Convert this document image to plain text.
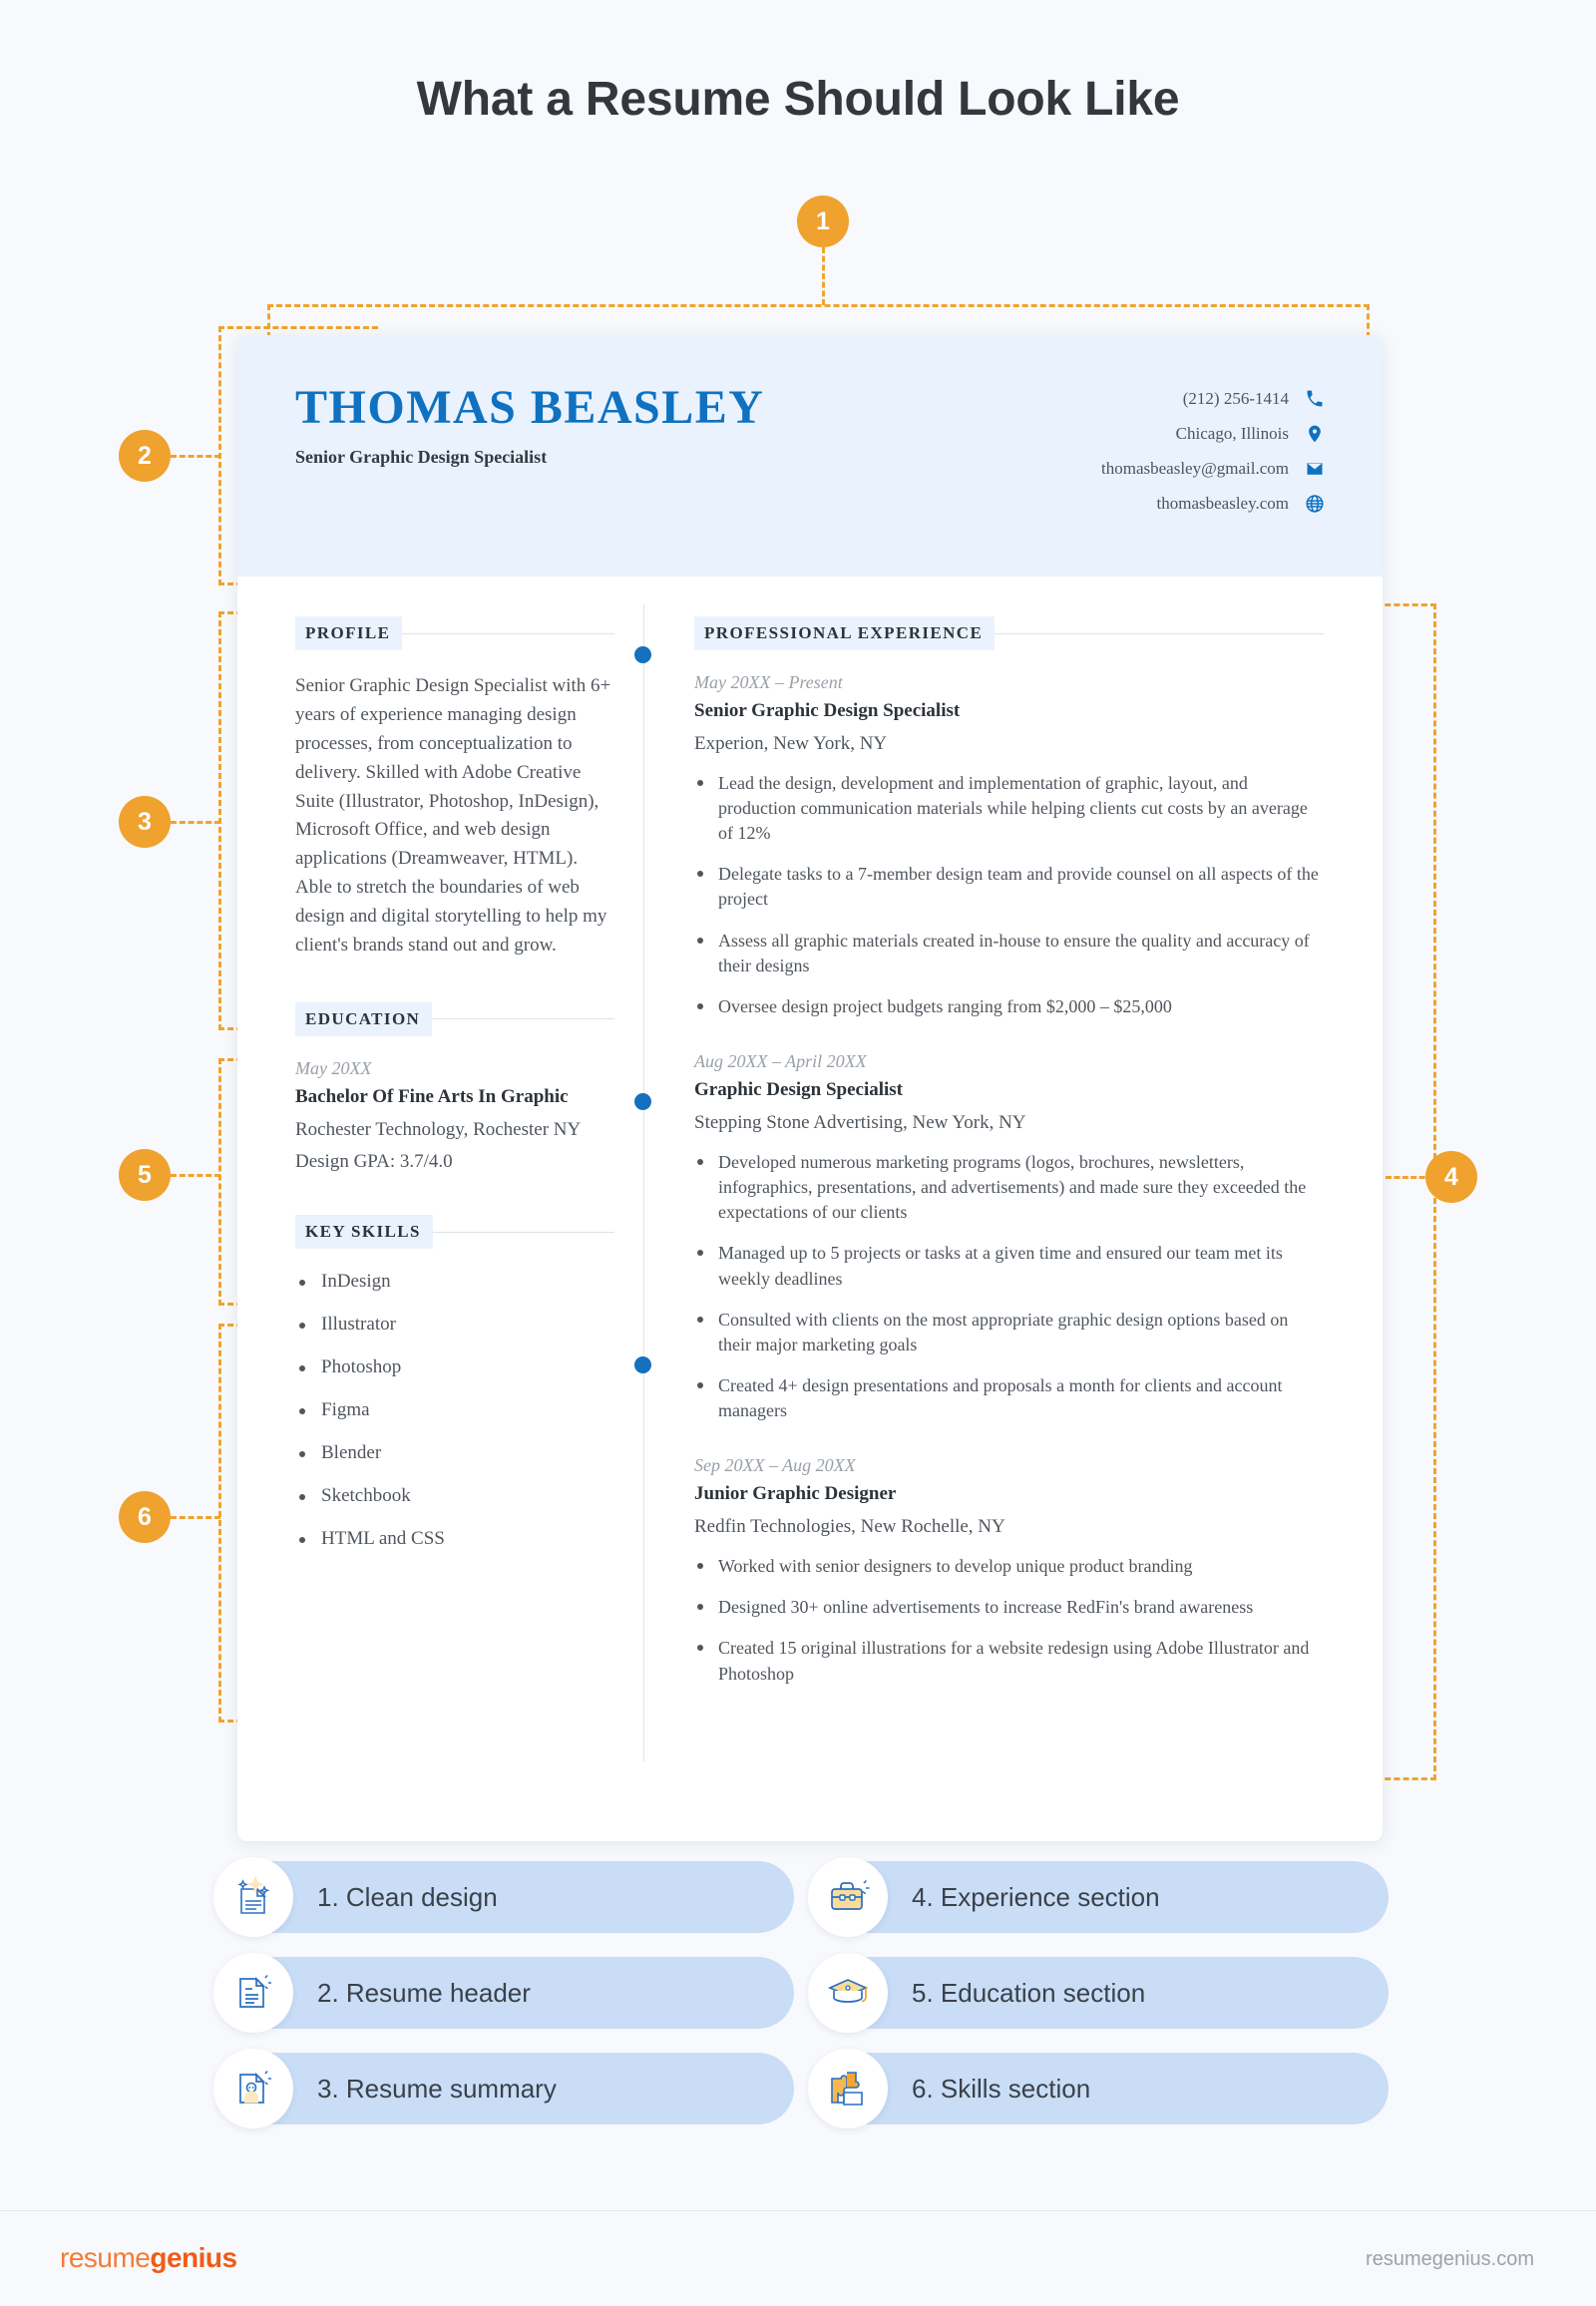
What a Resume Should Look Like
1
2
3
4
5
6
THOMAS BEASLEY
Senior Graphic Design Specialist
(212) 256-1414
Chicago, Illinois
thomasbeasley@gmail.com
thomasbeasley.com
PROFILE
Senior Graphic Design Specialist with 6+ years of experience managing design processes, from conceptualization to delivery. Skilled with Adobe Creative Suite (Illustrator, Photoshop, InDesign), Microsoft Office, and web design applications (Dreamweaver, HTML). Able to stretch the boundaries of web design and digital storytelling to help my client's brands stand out and grow.
EDUCATION
May 20XX
Bachelor Of Fine Arts In Graphic
Rochester Technology, Rochester NY
Design GPA: 3.7/4.0
KEY SKILLS
InDesign
Illustrator
Photoshop
Figma
Blender
Sketchbook
HTML and CSS
PROFESSIONAL EXPERIENCE
May 20XX – Present
Senior Graphic Design Specialist
Experion, New York, NY
Lead the design, development and implementation of graphic, layout, and production communication materials while helping clients cut costs by an average of 12%
Delegate tasks to a 7-member design team and provide counsel on all aspects of the project
Assess all graphic materials created in-house to ensure the quality and accuracy of their designs
Oversee design project budgets ranging from $2,000 – $25,000
Aug 20XX – April 20XX
Graphic Design Specialist
Stepping Stone Advertising, New York, NY
Developed numerous marketing programs (logos, brochures, newsletters, infographics, presentations, and advertisements) and made sure they exceeded the expectations of our clients
Managed up to 5 projects or tasks at a given time and ensured our team met its weekly deadlines
Consulted with clients on the most appropriate graphic design options based on their major marketing goals
Created 4+ design presentations and proposals a month for clients and account managers
Sep 20XX – Aug 20XX
Junior Graphic Designer
Redfin Technologies, New Rochelle, NY
Worked with senior designers to develop unique product branding
Designed 30+ online advertisements to increase RedFin's brand awareness
Created 15 original illustrations for a website redesign using Adobe Illustrator and Photoshop
1. Clean design	4. Experience section
2. Resume header	5. Education section
3. Resume summary	6. Skills section
resumegenius	resumegenius.com
